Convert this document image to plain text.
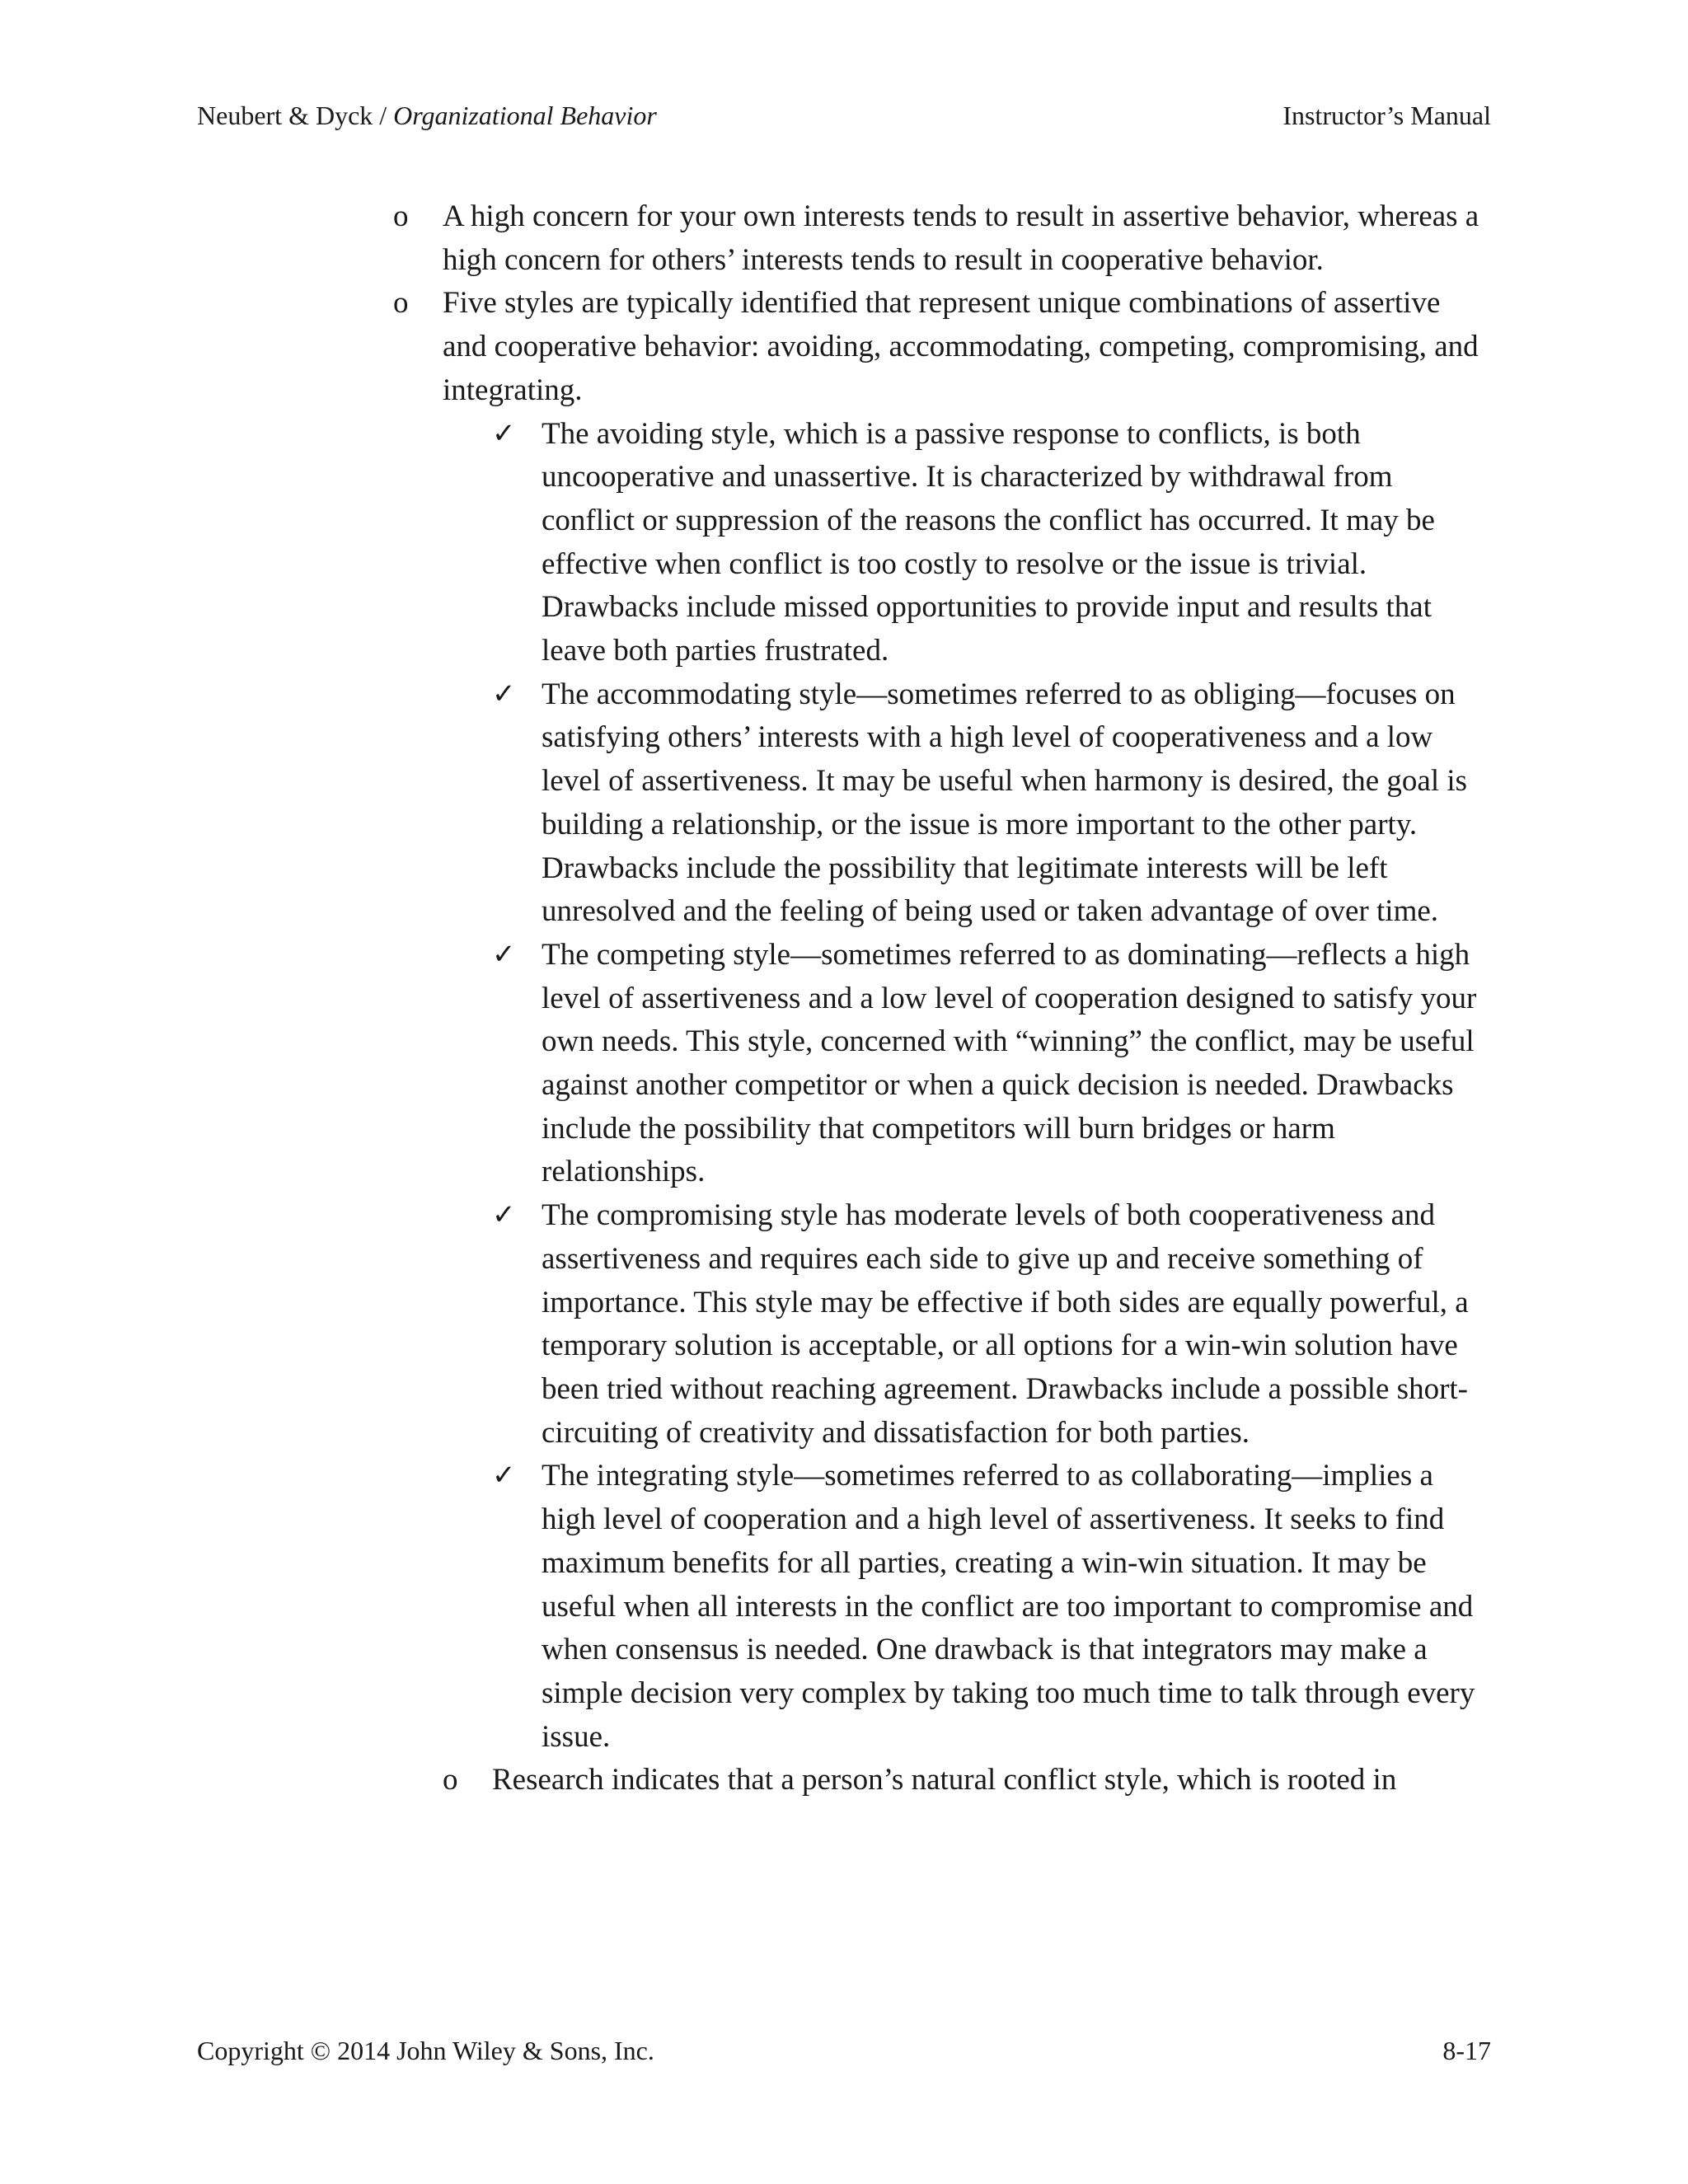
Neubert & Dyck / Organizational Behavior	Instructor’s Manual
o	A high concern for your own interests tends to result in assertive behavior, whereas a high concern for others’ interests tends to result in cooperative behavior.
o	Five styles are typically identified that represent unique combinations of assertive and cooperative behavior: avoiding, accommodating, competing, compromising, and integrating.
✓ The avoiding style, which is a passive response to conflicts, is both uncooperative and unassertive. It is characterized by withdrawal from conflict or suppression of the reasons the conflict has occurred. It may be effective when conflict is too costly to resolve or the issue is trivial. Drawbacks include missed opportunities to provide input and results that leave both parties frustrated.
✓ The accommodating style—sometimes referred to as obliging—focuses on satisfying others’ interests with a high level of cooperativeness and a low level of assertiveness. It may be useful when harmony is desired, the goal is building a relationship, or the issue is more important to the other party. Drawbacks include the possibility that legitimate interests will be left unresolved and the feeling of being used or taken advantage of over time.
✓ The competing style—sometimes referred to as dominating—reflects a high level of assertiveness and a low level of cooperation designed to satisfy your own needs. This style, concerned with “winning” the conflict, may be useful against another competitor or when a quick decision is needed. Drawbacks include the possibility that competitors will burn bridges or harm relationships.
✓ The compromising style has moderate levels of both cooperativeness and assertiveness and requires each side to give up and receive something of importance. This style may be effective if both sides are equally powerful, a temporary solution is acceptable, or all options for a win-win solution have been tried without reaching agreement. Drawbacks include a possible short-circuiting of creativity and dissatisfaction for both parties.
✓ The integrating style—sometimes referred to as collaborating—implies a high level of cooperation and a high level of assertiveness. It seeks to find maximum benefits for all parties, creating a win-win situation. It may be useful when all interests in the conflict are too important to compromise and when consensus is needed. One drawback is that integrators may make a simple decision very complex by taking too much time to talk through every issue.
o	Research indicates that a person’s natural conflict style, which is rooted in
Copyright © 2014 John Wiley & Sons, Inc.	8-17
